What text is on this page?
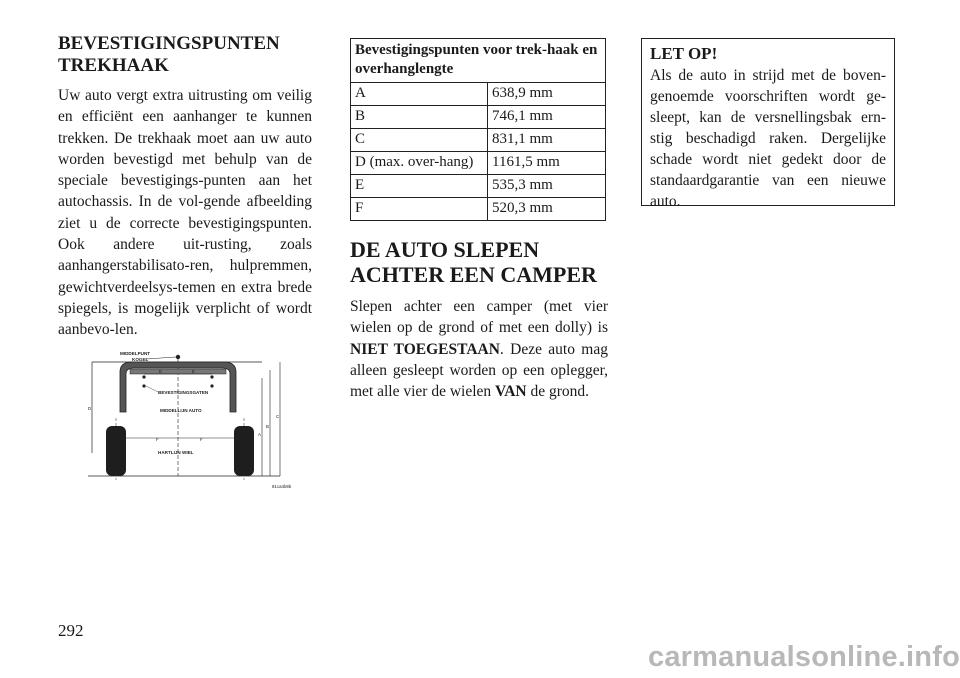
BEVESTIGINGSPUNTEN
TREKHAAK
Uw auto vergt extra uitrusting om veilig en efficiënt een aanhanger te kunnen trekken. De trekhaak moet aan uw auto worden bevestigd met behulp van de speciale bevestigings-punten aan het autochassis. In de vol-gende afbeelding ziet u de correcte bevestigingspunten. Ook andere uit-rusting, zoals aanhangerstabilisato-ren, hulpremmen, gewichtverdeelsys-temen en extra brede spiegels, is mogelijk verplicht of wordt aanbevo-len.
MIDDELPUNT
KOGEL
D
E	E
BEVESTIGINGSGATEN
MIDDELLIJN AUTO
F	F
HARTLIJN WIEL
A
B
C
81ca4b9b
Bevestigingspunten voor trek-haak en overhanglengte	
A	638,9 mm
B	746,1 mm
C	831,1 mm
D (max. over-hang)	1161,5 mm
E	535,3 mm
F	520,3 mm
DE AUTO SLEPEN
ACHTER EEN CAMPER
Slepen achter een camper (met vier wielen op de grond of met een dolly) is NIET TOEGESTAAN. Deze auto mag alleen gesleept worden op een oplegger, met alle vier de wielen VAN de grond.
LET OP!
Als de auto in strijd met de boven-genoemde voorschriften wordt ge-sleept, kan de versnellingsbak ern-stig beschadigd raken. Dergelijke schade wordt niet gedekt door de standaardgarantie van een nieuwe auto.
292
carmanualsonline.info
